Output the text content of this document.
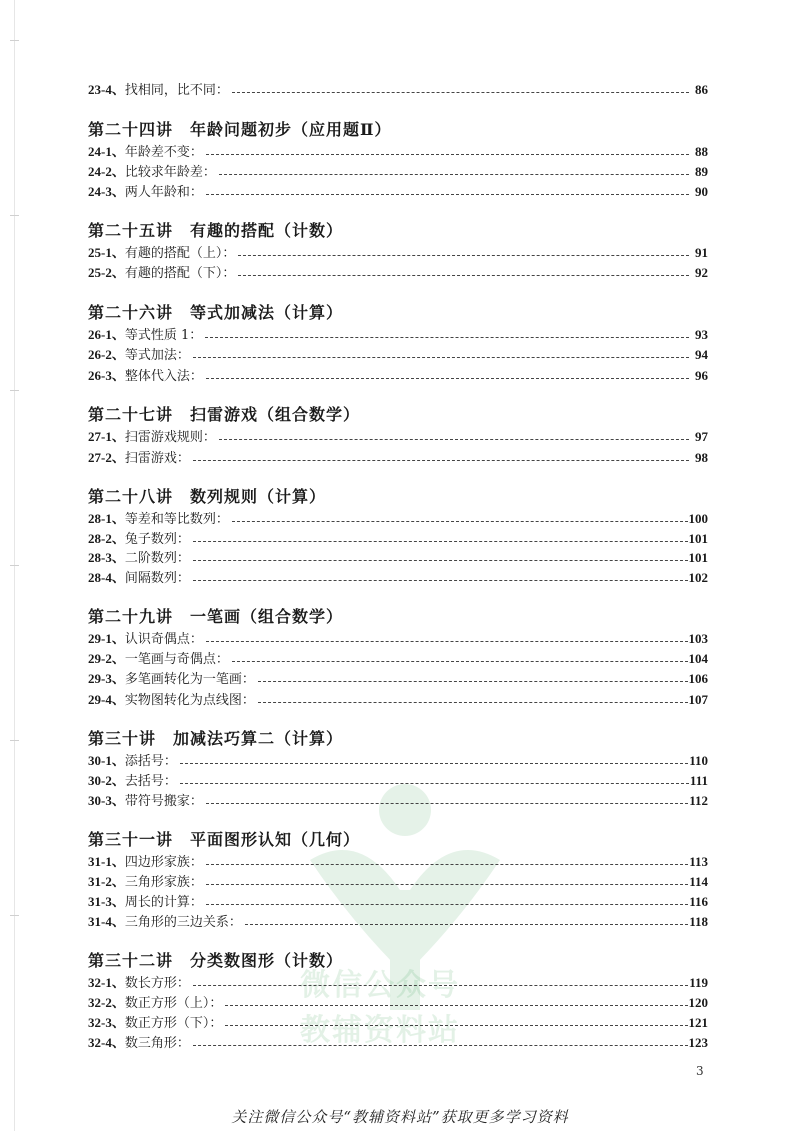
微信公众号
教辅资料站
23-4、 找相同，比不同：	86
第二十四讲　年龄问题初步（应用题Ⅱ）
24-1、 年龄差不变：	88
24-2、 比较求年龄差：	89
24-3、 两人年龄和：	90
第二十五讲　有趣的搭配（计数）
25-1、 有趣的搭配（上）：	91
25-2、 有趣的搭配（下）：	92
第二十六讲　等式加减法（计算）
26-1、 等式性质 1：	93
26-2、 等式加法：	94
26-3、 整体代入法：	96
第二十七讲　扫雷游戏（组合数学）
27-1、 扫雷游戏规则：	97
27-2、 扫雷游戏：	98
第二十八讲　数列规则（计算）
28-1、 等差和等比数列：	100
28-2、 兔子数列：	101
28-3、 二阶数列：	101
28-4、 间隔数列：	102
第二十九讲　一笔画（组合数学）
29-1、 认识奇偶点：	103
29-2、 一笔画与奇偶点：	104
29-3、 多笔画转化为一笔画：	106
29-4、 实物图转化为点线图：	107
第三十讲　加减法巧算二（计算）
30-1、 添括号：	110
30-2、 去括号：	111
30-3、 带符号搬家：	112
第三十一讲　平面图形认知（几何）
31-1、 四边形家族：	113
31-2、 三角形家族：	114
31-3、 周长的计算：	116
31-4、 三角形的三边关系：	118
第三十二讲　分类数图形（计数）
32-1、 数长方形：	119
32-2、 数正方形（上）：	120
32-3、 数正方形（下）：	121
32-4、 数三角形：	123
3
关注微信公众号“教辅资料站”获取更多学习资料
